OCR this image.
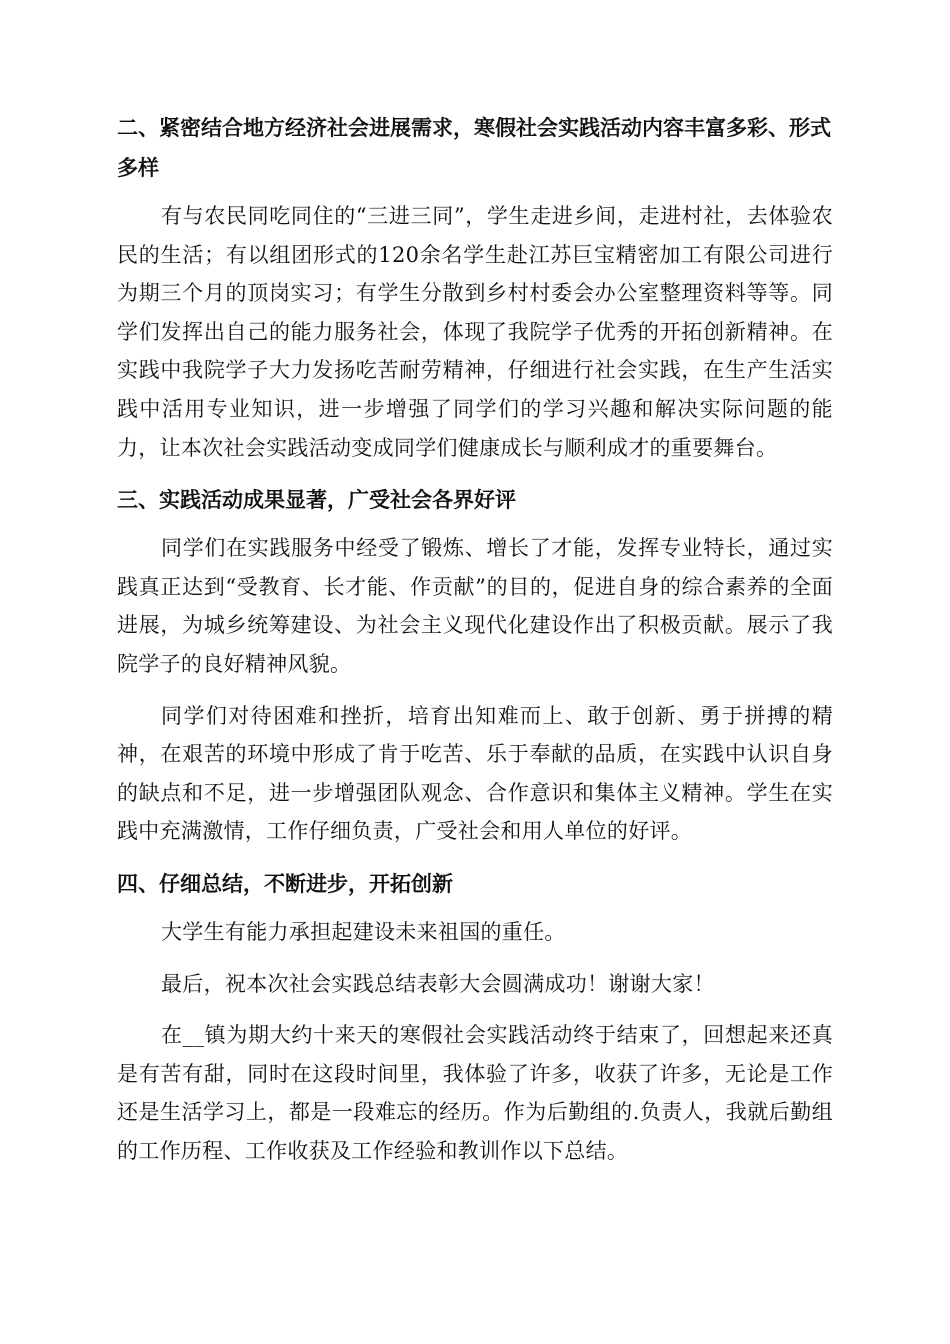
二、紧密结合地方经济社会进展需求，寒假社会实践活动内容丰富多彩、形式多样

有与农民同吃同住的“三进三同”，学生走进乡间，走进村社，去体验农民的生活；有以组团形式的120余名学生赴江苏巨宝精密加工有限公司进行为期三个月的顶岗实习；有学生分散到乡村村委会办公室整理资料等等。同学们发挥出自己的能力服务社会，体现了我院学子优秀的开拓创新精神。在实践中我院学子大力发扬吃苦耐劳精神，仔细进行社会实践，在生产生活实践中活用专业知识，进一步增强了同学们的学习兴趣和解决实际问题的能力，让本次社会实践活动变成同学们健康成长与顺利成才的重要舞台。

三、实践活动成果显著，广受社会各界好评

同学们在实践服务中经受了锻炼、增长了才能，发挥专业特长，通过实践真正达到“受教育、长才能、作贡献”的目的，促进自身的综合素养的全面进展，为城乡统筹建设、为社会主义现代化建设作出了积极贡献。展示了我院学子的良好精神风貌。

同学们对待困难和挫折，培育出知难而上、敢于创新、勇于拼搏的精神，在艰苦的环境中形成了肯于吃苦、乐于奉献的品质，在实践中认识自身的缺点和不足，进一步增强团队观念、合作意识和集体主义精神。学生在实践中充满激情，工作仔细负责，广受社会和用人单位的好评。

四、仔细总结，不断进步，开拓创新

大学生有能力承担起建设未来祖国的重任。

最后，祝本次社会实践总结表彰大会圆满成功！谢谢大家！

在__镇为期大约十来天的寒假社会实践活动终于结束了，回想起来还真是有苦有甜，同时在这段时间里，我体验了许多，收获了许多，无论是工作还是生活学习上，都是一段难忘的经历。作为后勤组的.负责人，我就后勤组的工作历程、工作收获及工作经验和教训作以下总结。
